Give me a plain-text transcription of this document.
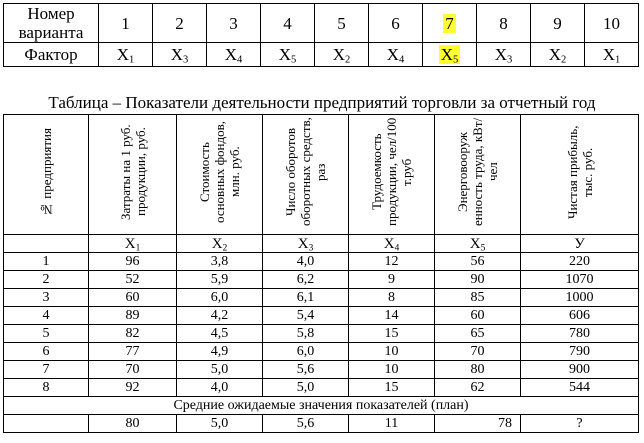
Номер варианта	1	2	3	4	5	6	7	8	9	10
Фактор	$X_1$	$X_3$	$X_4$	$X_5$	$X_2$	$X_4$	$X_5$	$X_3$	$X_2$	$X_1$
Таблица – Показатели деятельности предприятий торговли за отчетный год
№ предприятия	Затраты на 1 руб. продукции, руб.	Стоимость основных фондов, млн. руб.	Число оборотов оборотных средств, раз	Трудоемкость продукции, чел/100 т.руб	Энерговооруж енность труда, кВт/чел	Чистая прибыль, тыс. руб.
	$X_1$	$X_2$	$X_3$	$X_4$	$X_5$	У
1	96	3,8	4,0	12	56	220
2	52	5,9	6,2	9	90	1070
3	60	6,0	6,1	8	85	1000
4	89	4,2	5,4	14	60	606
5	82	4,5	5,8	15	65	780
6	77	4,9	6,0	10	70	790
7	70	5,0	5,6	10	80	900
8	92	4,0	5,0	15	62	544
Средние ожидаемые значения показателей (план)						
	80	5,0	5,6	11	78	?
